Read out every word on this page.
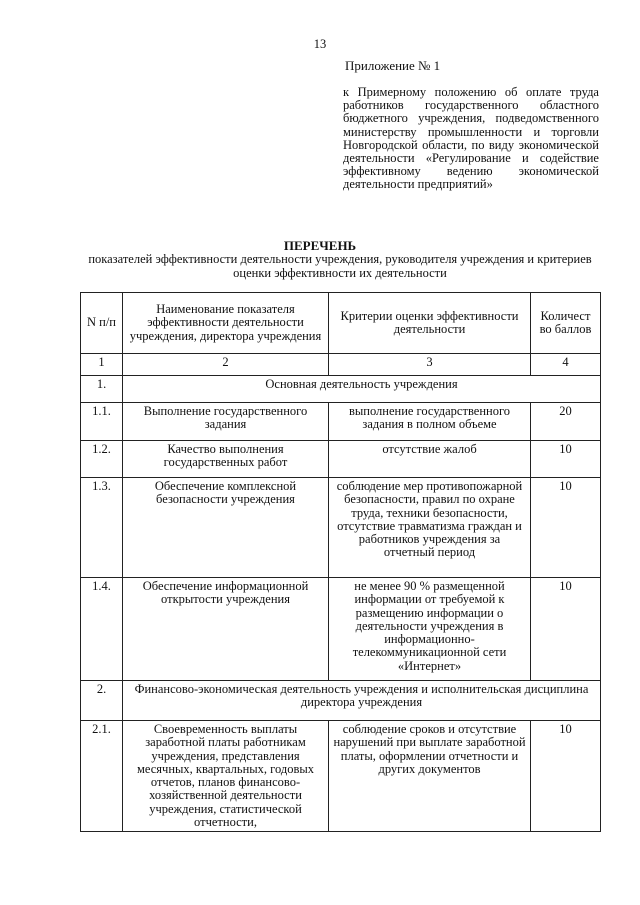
13
Приложение № 1
к Примерному положению об оплате труда работников государственного областного бюджетного учреждения, подведомственного министерству промышленности и торговли Новгородской области, по виду экономической деятельности «Регулирование и содействие эффективному ведению экономической деятельности предприятий»
ПЕРЕЧЕНЬ
показателей эффективности деятельности учреждения, руководителя учреждения и критериев оценки эффективности их деятельности
N п/п	Наименование показателя эффективности деятельности учреждения, директора учреждения	Критерии оценки эффективности деятельности	Количест во баллов
1	2	3	4
1.	Основная деятельность учреждения		
1.1.	Выполнение государственного задания	выполнение государственного задания в полном объеме	20
1.2.	Качество выполнения государственных работ	отсутствие жалоб	10
1.3.	Обеспечение комплексной безопасности учреждения	соблюдение мер противопожарной безопасности, правил по охране труда, техники безопасности, отсутствие травматизма граждан и работников учреждения за отчетный период	10
1.4.	Обеспечение информационной открытости учреждения	не менее 90 % размещенной информации от требуемой к размещению информации о деятельности учреждения в информационно-телекоммуникационной сети «Интернет»	10
2.	Финансово-экономическая деятельность учреждения и исполнительская дисциплина директора учреждения		
2.1.	Своевременность выплаты заработной платы работникам учреждения, представления месячных, квартальных, годовых отчетов, планов финансово-хозяйственной деятельности учреждения, статистической отчетности,	соблюдение сроков и отсутствие нарушений при выплате заработной платы, оформлении отчетности и других документов	10
